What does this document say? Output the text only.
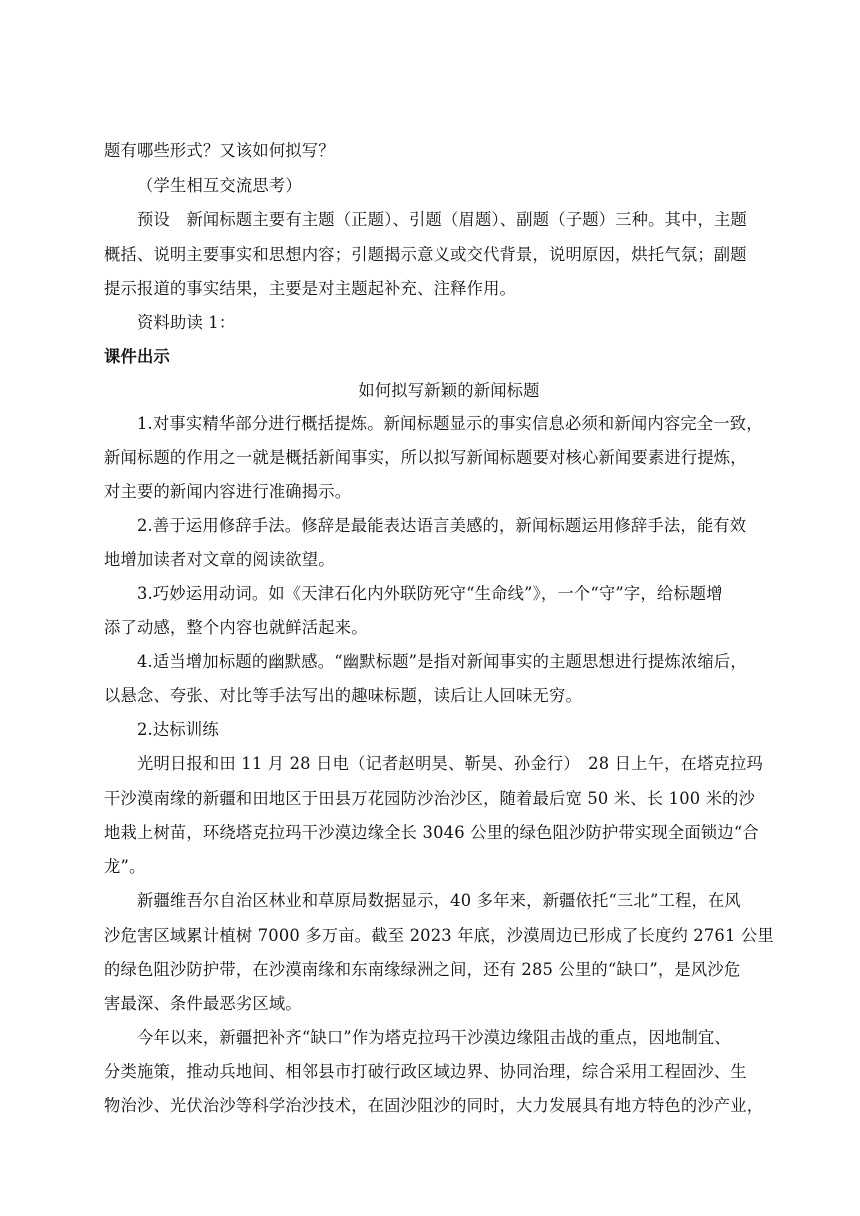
题有哪些形式？又该如何拟写？
（学生相互交流思考）
预设　新闻标题主要有主题（正题）、引题（眉题）、副题（子题）三种。其中，主题
概括、说明主要事实和思想内容；引题揭示意义或交代背景，说明原因，烘托气氛；副题
提示报道的事实结果，主要是对主题起补充、注释作用。
资料助读 1：
课件出示
如何拟写新颖的新闻标题
1.对事实精华部分进行概括提炼。新闻标题显示的事实信息必须和新闻内容完全一致，
新闻标题的作用之一就是概括新闻事实，所以拟写新闻标题要对核心新闻要素进行提炼，
对主要的新闻内容进行准确揭示。
2.善于运用修辞手法。修辞是最能表达语言美感的，新闻标题运用修辞手法，能有效
地增加读者对文章的阅读欲望。
3.巧妙运用动词。如《天津石化内外联防死守“生命线”》，一个“守”字，给标题增
添了动感，整个内容也就鲜活起来。
4.适当增加标题的幽默感。“幽默标题”是指对新闻事实的主题思想进行提炼浓缩后，
以悬念、夸张、对比等手法写出的趣味标题，读后让人回味无穷。
2.达标训练
光明日报和田 11 月 28 日电（记者赵明昊、靳昊、孙金行）　28 日上午，在塔克拉玛
干沙漠南缘的新疆和田地区于田县万花园防沙治沙区，随着最后宽 50 米、长 100 米的沙
地栽上树苗，环绕塔克拉玛干沙漠边缘全长 3046 公里的绿色阻沙防护带实现全面锁边“合
龙”。
新疆维吾尔自治区林业和草原局数据显示，40 多年来，新疆依托“三北”工程，在风
沙危害区域累计植树 7000 多万亩。截至 2023 年底，沙漠周边已形成了长度约 2761 公里
的绿色阻沙防护带，在沙漠南缘和东南缘绿洲之间，还有 285 公里的“缺口”，是风沙危
害最深、条件最恶劣区域。
今年以来，新疆把补齐“缺口”作为塔克拉玛干沙漠边缘阻击战的重点，因地制宜、
分类施策，推动兵地间、相邻县市打破行政区域边界、协同治理，综合采用工程固沙、生
物治沙、光伏治沙等科学治沙技术，在固沙阻沙的同时，大力发展具有地方特色的沙产业，
